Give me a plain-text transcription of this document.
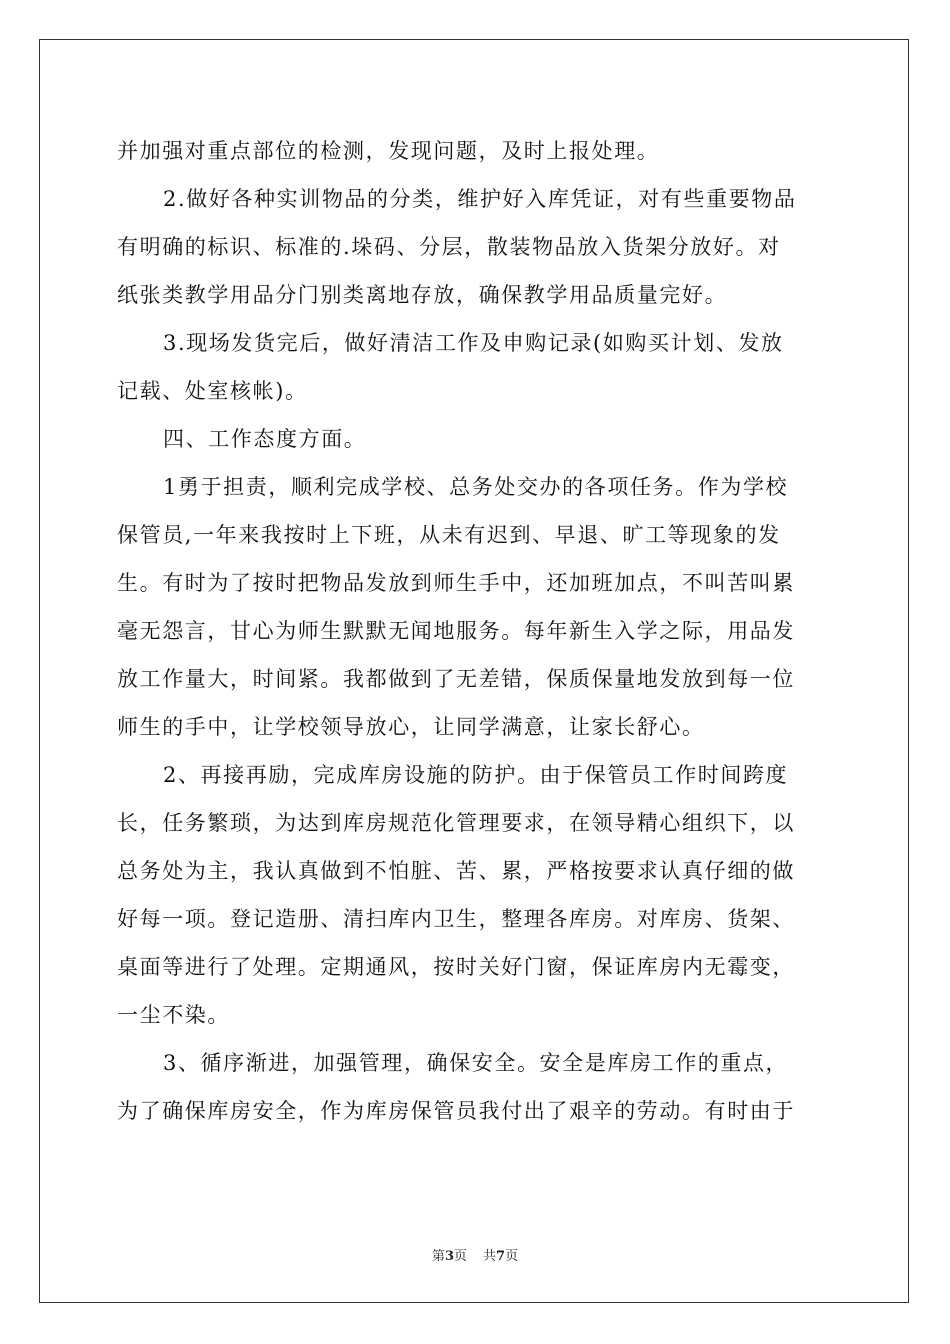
并加强对重点部位的检测，发现问题，及时上报处理。
2.做好各种实训物品的分类，维护好入库凭证，对有些重要物品
有明确的标识、标准的.垛码、分层，散装物品放入货架分放好。对
纸张类教学用品分门别类离地存放，确保教学用品质量完好。
3.现场发货完后，做好清洁工作及申购记录(如购买计划、发放
记载、处室核帐)。
四、工作态度方面。
1勇于担责，顺利完成学校、总务处交办的各项任务。作为学校
保管员,一年来我按时上下班，从未有迟到、早退、旷工等现象的发
生。有时为了按时把物品发放到师生手中，还加班加点，不叫苦叫累
毫无怨言，甘心为师生默默无闻地服务。每年新生入学之际，用品发
放工作量大，时间紧。我都做到了无差错，保质保量地发放到每一位
师生的手中，让学校领导放心，让同学满意，让家长舒心。
2、再接再励，完成库房设施的防护。由于保管员工作时间跨度
长，任务繁琐，为达到库房规范化管理要求，在领导精心组织下，以
总务处为主，我认真做到不怕脏、苦、累，严格按要求认真仔细的做
好每一项。登记造册、清扫库内卫生，整理各库房。对库房、货架、
桌面等进行了处理。定期通风，按时关好门窗，保证库房内无霉变，
一尘不染。
3、循序渐进，加强管理，确保安全。安全是库房工作的重点，
为了确保库房安全，作为库房保管员我付出了艰辛的劳动。有时由于
第3页 共7页
